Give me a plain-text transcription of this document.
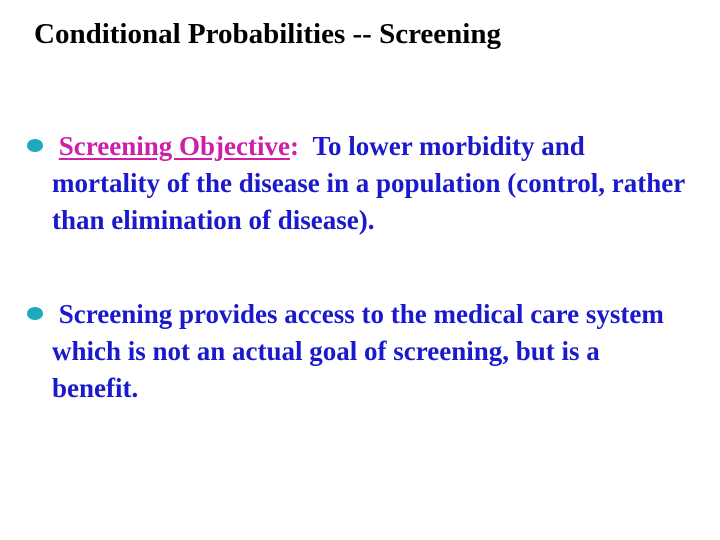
Conditional Probabilities -- Screening
Screening Objective: To lower morbidity and mortality of the disease in a population (control, rather than elimination of disease).
Screening provides access to the medical care system which is not an actual goal of screening, but is a benefit.
